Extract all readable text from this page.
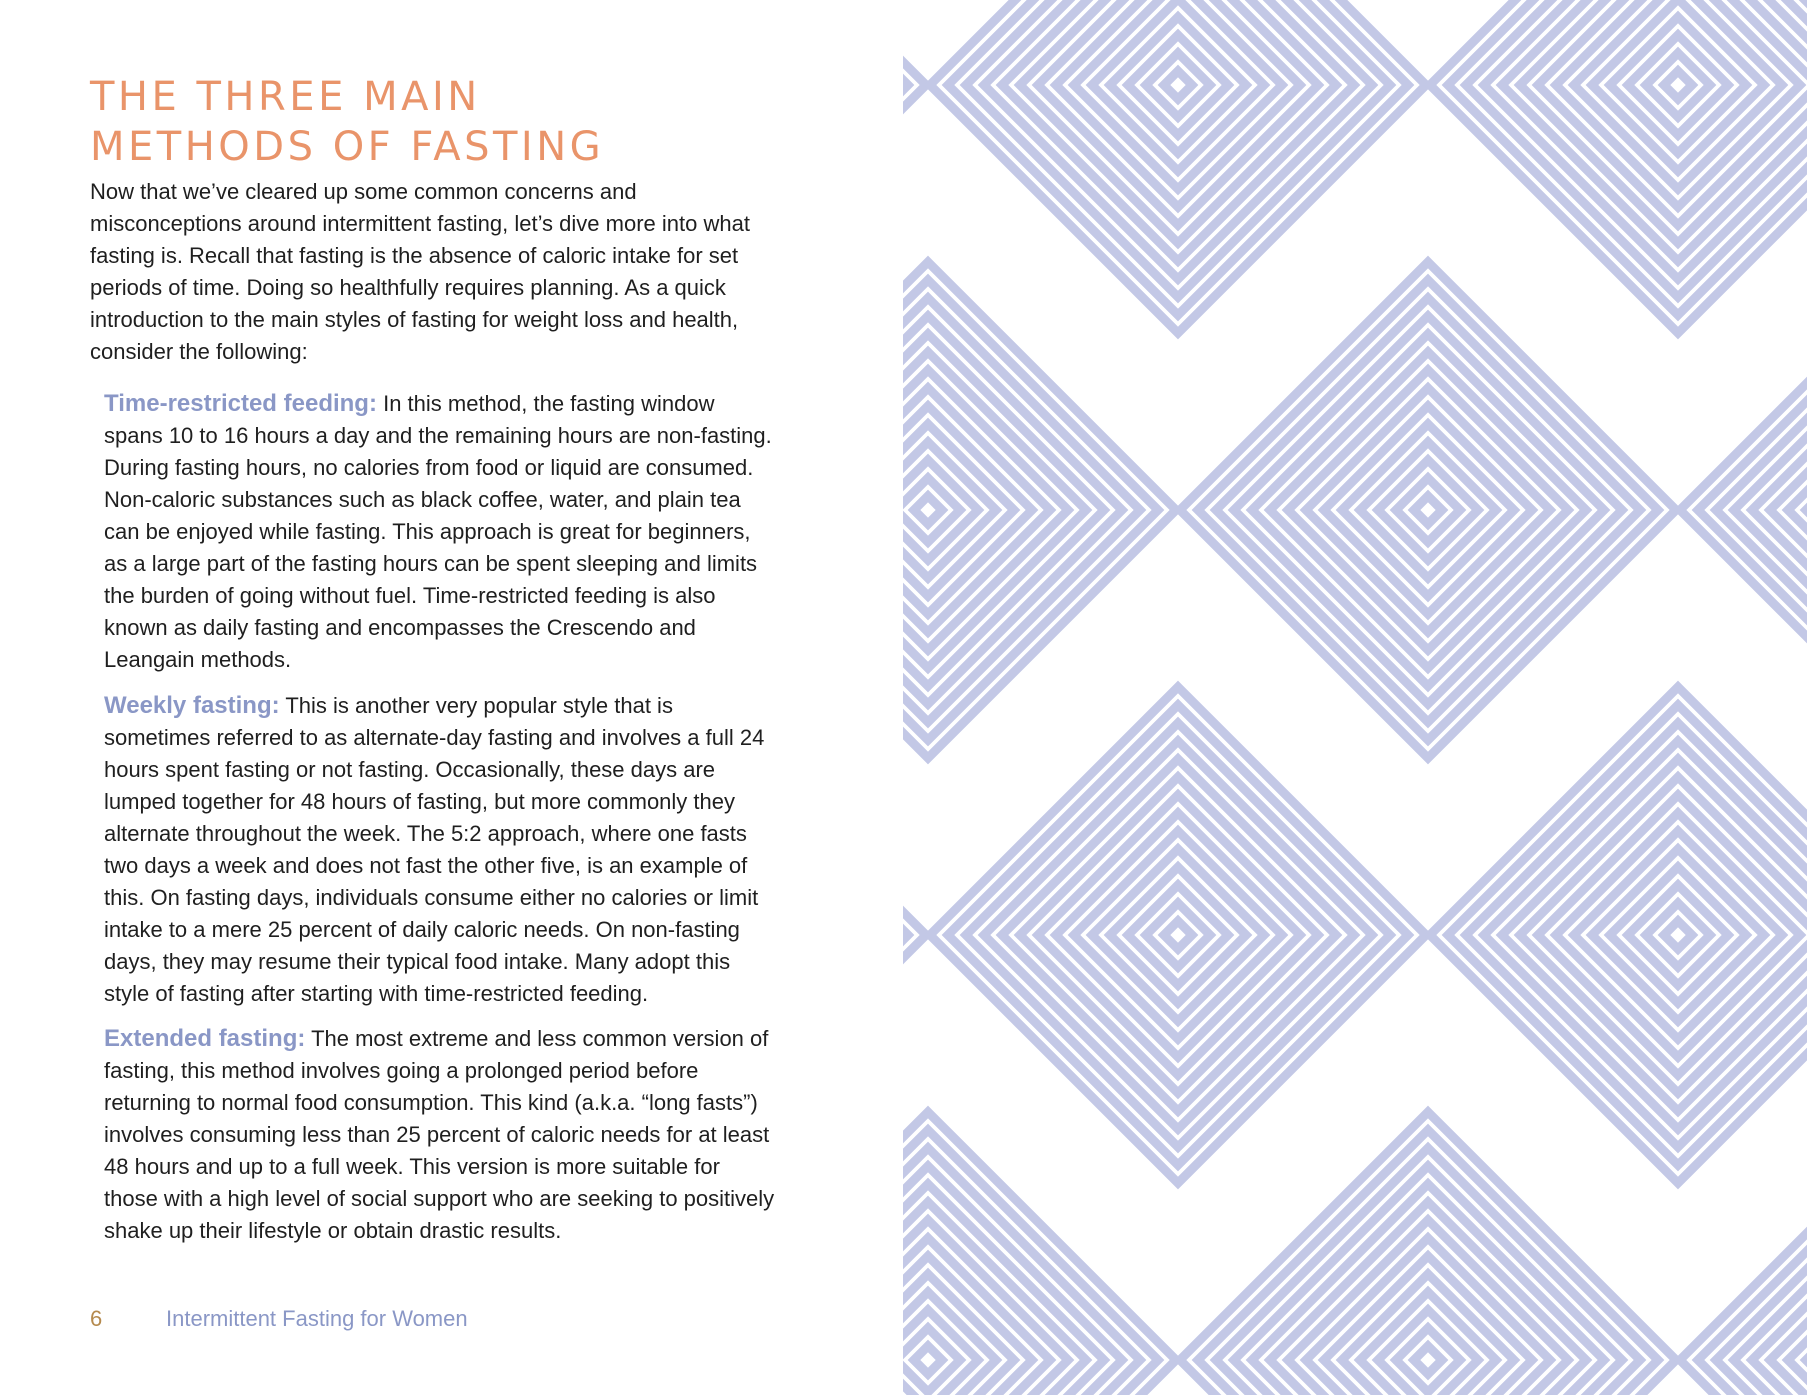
THE THREE MAIN
METHODS OF FASTING

Now that we’ve cleared up some common concerns and misconceptions around intermittent fasting, let’s dive more into what fasting is. Recall that fasting is the absence of caloric intake for set periods of time. Doing so healthfully requires planning. As a quick introduction to the main styles of fasting for weight loss and health, consider the following:

Time-restricted feeding: In this method, the fasting window spans 10 to 16 hours a day and the remaining hours are non-fasting. During fasting hours, no calories from food or liquid are consumed. Non-caloric substances such as black coffee, water, and plain tea can be enjoyed while fasting. This approach is great for beginners, as a large part of the fasting hours can be spent sleeping and limits the burden of going without fuel. Time-restricted feeding is also known as daily fasting and encompasses the Crescendo and Leangain methods.

Weekly fasting: This is another very popular style that is sometimes referred to as alternate-day fasting and involves a full 24 hours spent fasting or not fasting. Occasionally, these days are lumped together for 48 hours of fasting, but more commonly they alternate throughout the week. The 5:2 approach, where one fasts two days a week and does not fast the other five, is an example of this. On fasting days, individuals consume either no calories or limit intake to a mere 25 percent of daily caloric needs. On non-fasting days, they may resume their typical food intake. Many adopt this style of fasting after starting with time-restricted feeding.

Extended fasting: The most extreme and less common version of fasting, this method involves going a prolonged period before returning to normal food consumption. This kind (a.k.a. “long fasts”) involves consuming less than 25 percent of caloric needs for at least 48 hours and up to a full week. This version is more suitable for those with a high level of social support who are seeking to positively shake up their lifestyle or obtain drastic results.

6	Intermittent Fasting for Women
